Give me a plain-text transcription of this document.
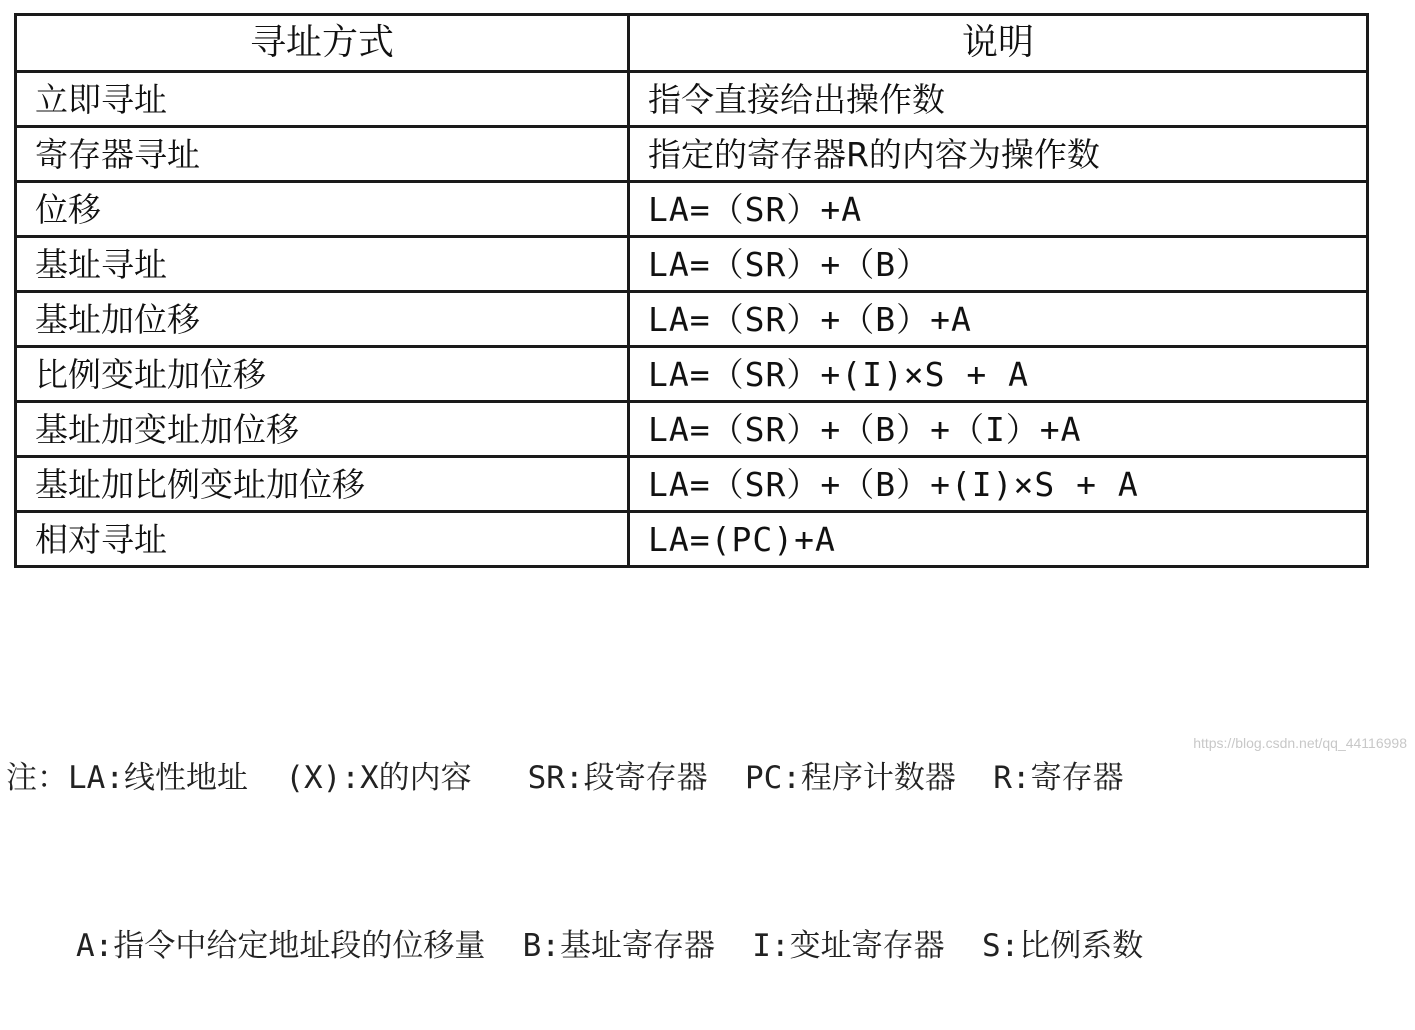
寻址方式	说明
立即寻址	指令直接给出操作数
寄存器寻址	指定的寄存器R的内容为操作数
位移	LA=（SR）+A
基址寻址	LA=（SR）+（B）
基址加位移	LA=（SR）+（B）+A
比例变址加位移	LA=（SR）+(I)×S + A
基址加变址加位移	LA=（SR）+（B）+（I）+A
基址加比例变址加位移	LA=（SR）+（B）+(I)×S + A
相对寻址	LA=(PC)+A

注：LA:线性地址  (X):X的内容   SR:段寄存器  PC:程序计数器  R:寄存器

A:指令中给定地址段的位移量  B:基址寄存器  I:变址寄存器  S:比例系数

https://blog.csdn.net/qq_44116998
